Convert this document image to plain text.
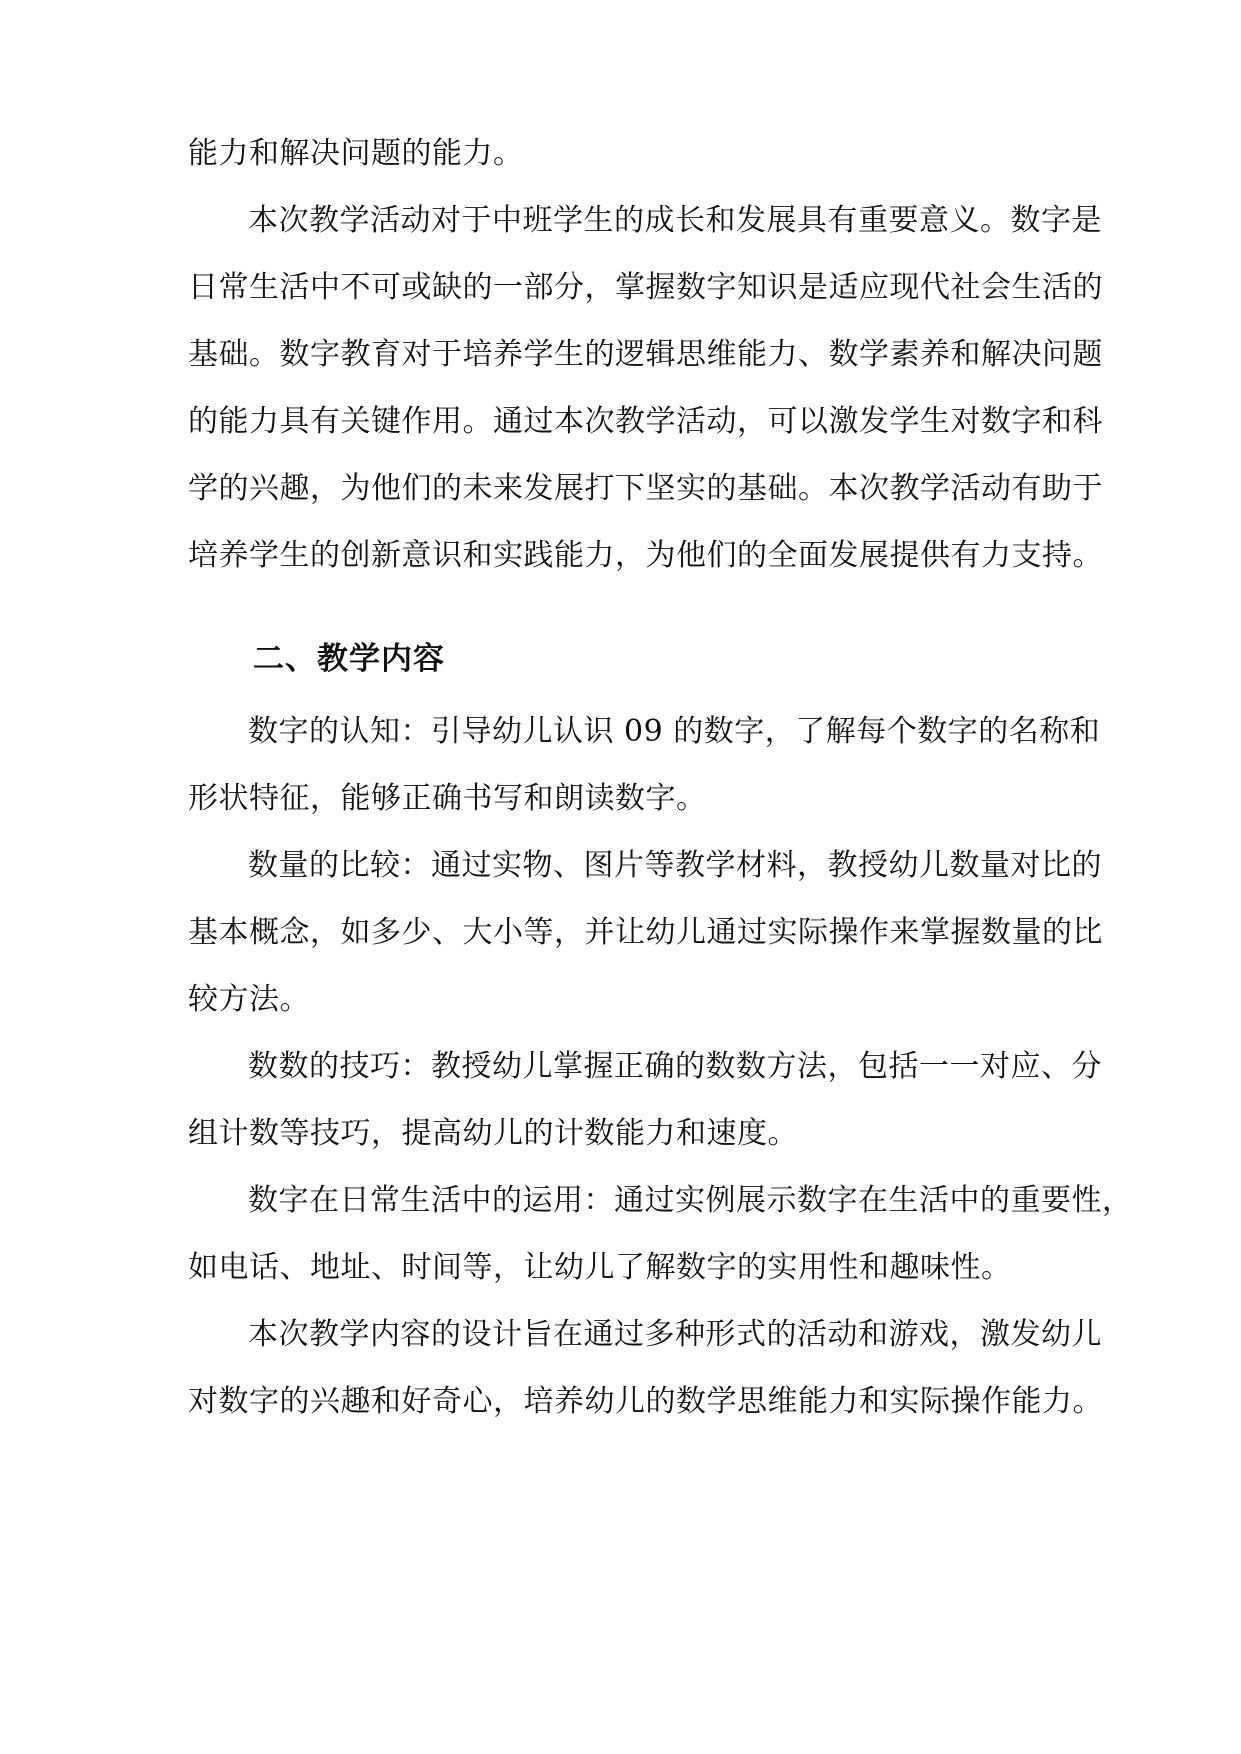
能力和解决问题的能力。
本次教学活动对于中班学生的成长和发展具有重要意义。数字是
日常生活中不可或缺的一部分，掌握数字知识是适应现代社会生活的
基础。数字教育对于培养学生的逻辑思维能力、数学素养和解决问题
的能力具有关键作用。通过本次教学活动，可以激发学生对数字和科
学的兴趣，为他们的未来发展打下坚实的基础。本次教学活动有助于
培养学生的创新意识和实践能力，为他们的全面发展提供有力支持。
二、教学内容
数字的认知：引导幼儿认识 09 的数字，了解每个数字的名称和
形状特征，能够正确书写和朗读数字。
数量的比较：通过实物、图片等教学材料，教授幼儿数量对比的
基本概念，如多少、大小等，并让幼儿通过实际操作来掌握数量的比
较方法。
数数的技巧：教授幼儿掌握正确的数数方法，包括一一对应、分
组计数等技巧，提高幼儿的计数能力和速度。
数字在日常生活中的运用：通过实例展示数字在生活中的重要性，
如电话、地址、时间等，让幼儿了解数字的实用性和趣味性。
本次教学内容的设计旨在通过多种形式的活动和游戏，激发幼儿
对数字的兴趣和好奇心，培养幼儿的数学思维能力和实际操作能力。
